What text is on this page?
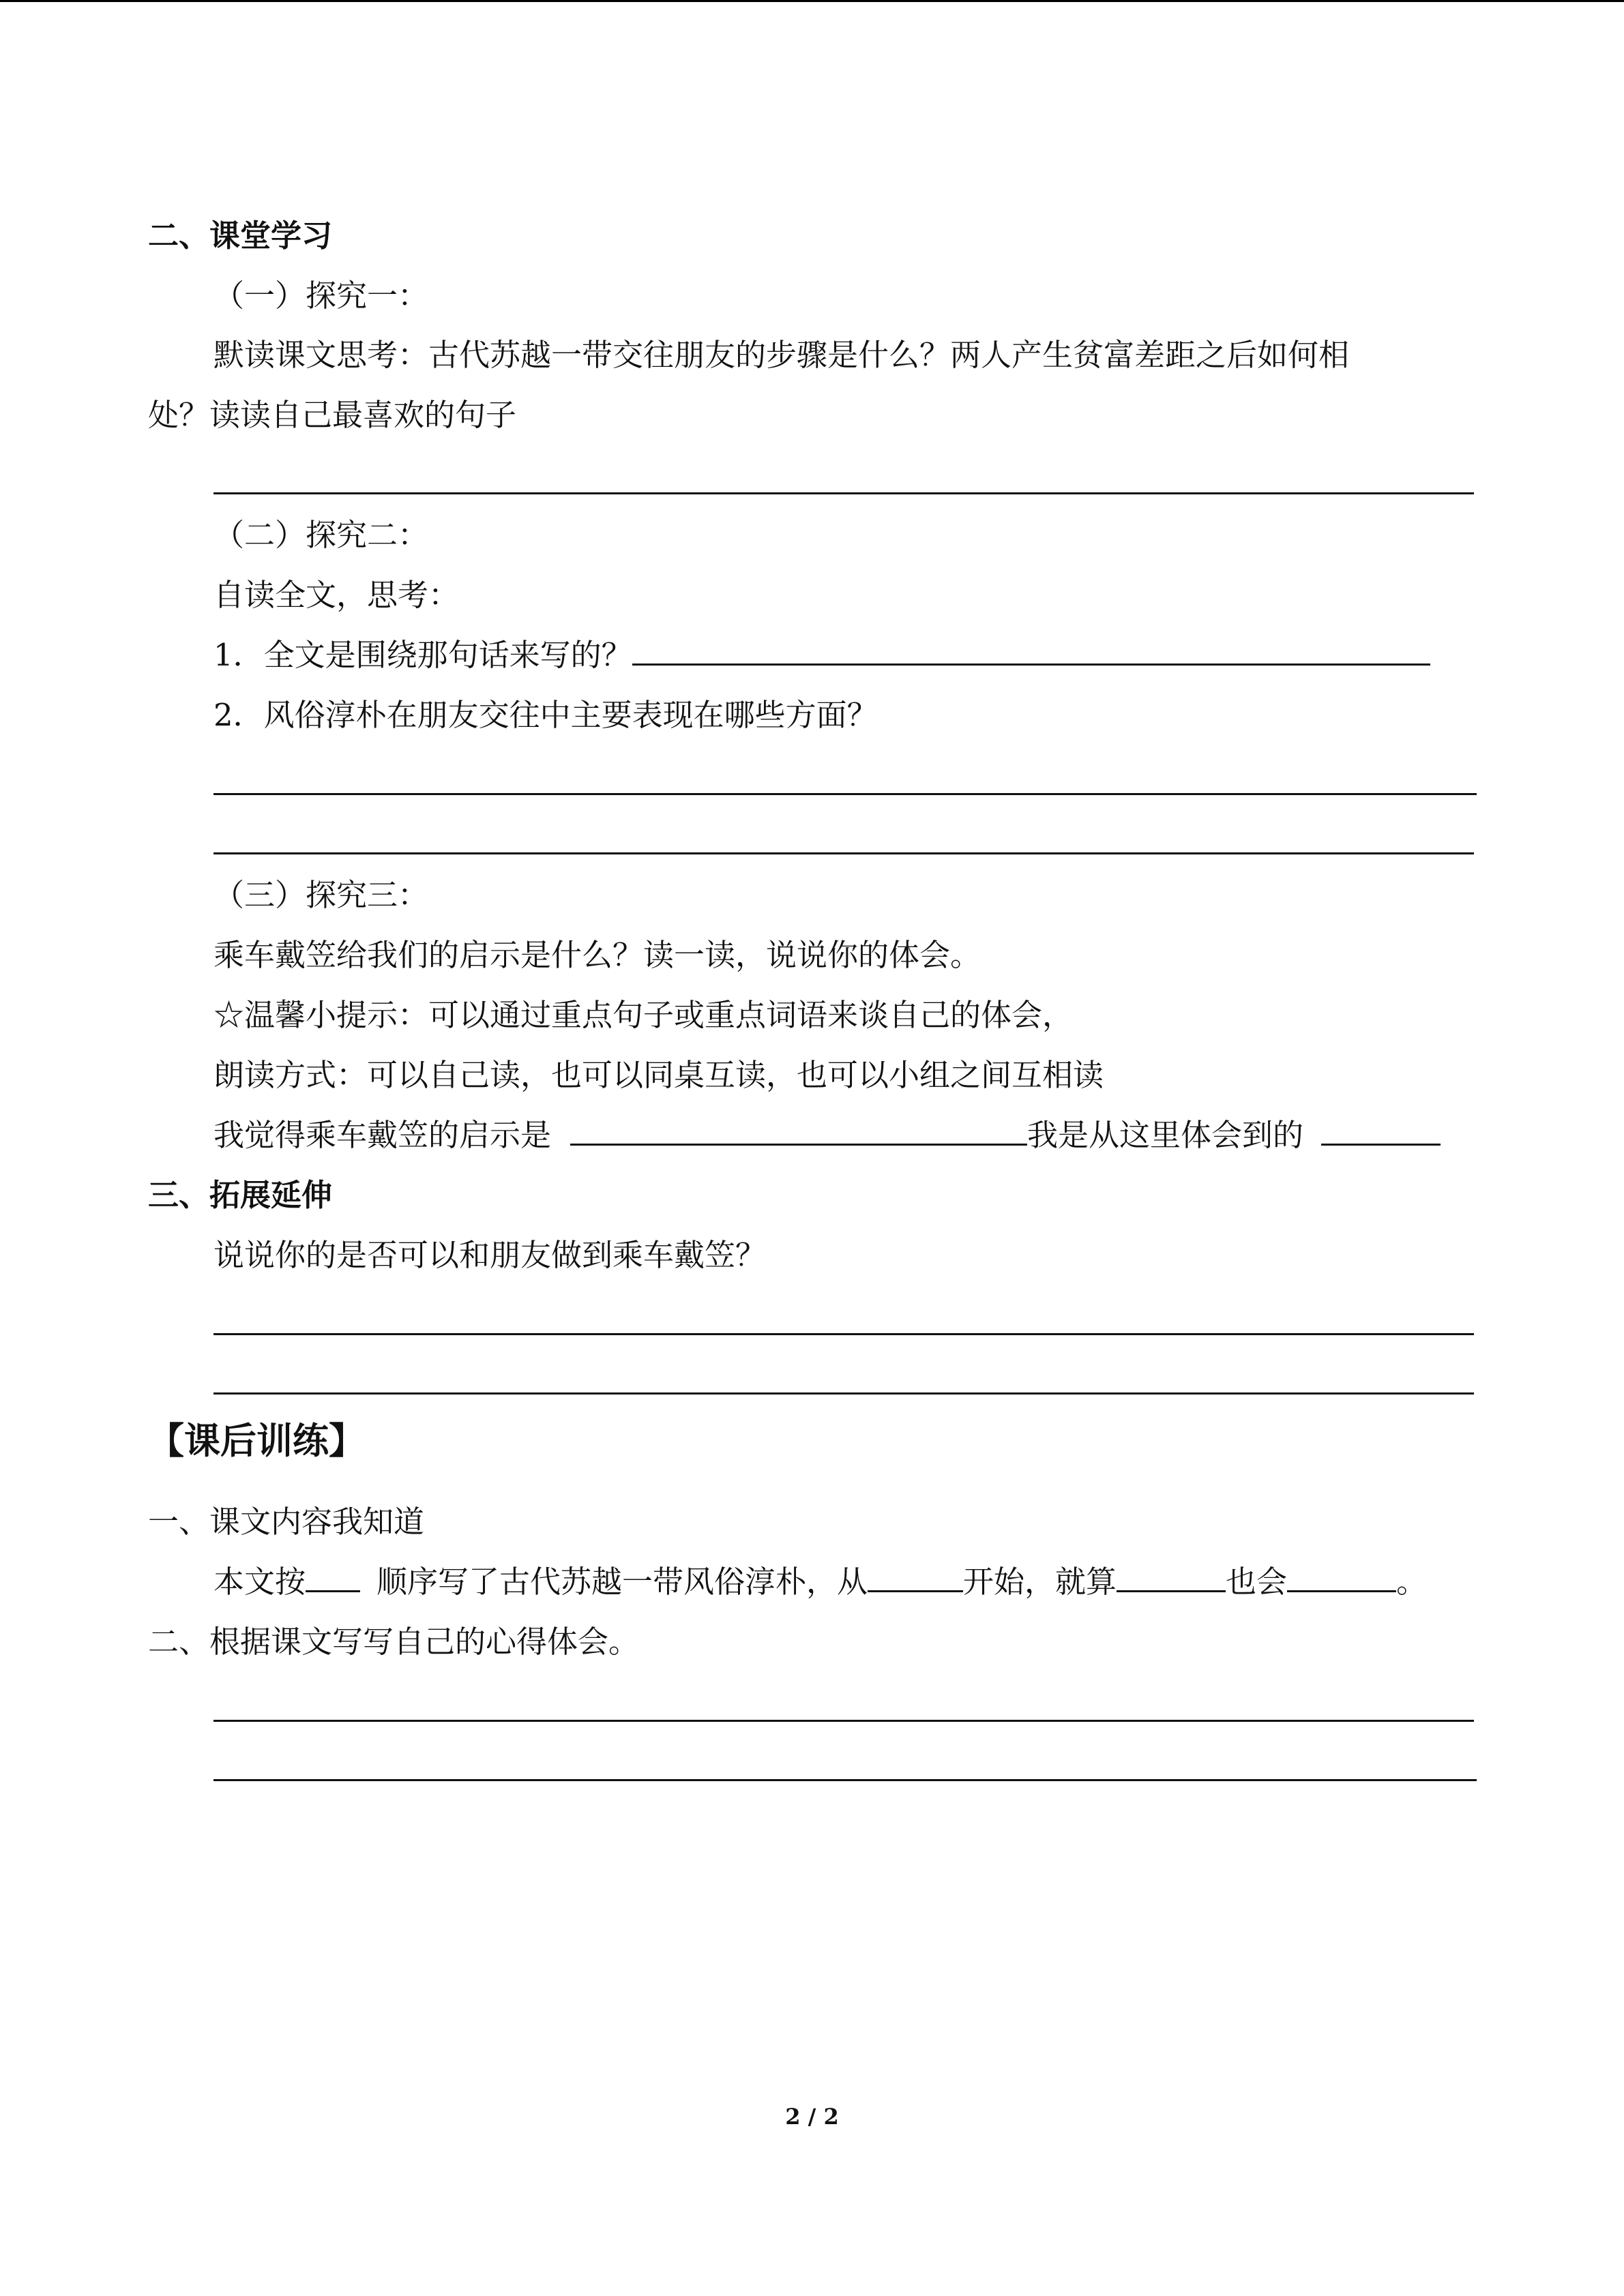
二、课堂学习
（一）探究一：
默读课文思考：古代苏越一带交往朋友的步骤是什么？两人产生贫富差距之后如何相
处？读读自己最喜欢的句子
（二）探究二：
自读全文，思考：
1．全文是围绕那句话来写的？
2．风俗淳朴在朋友交往中主要表现在哪些方面？
（三）探究三：
乘车戴笠给我们的启示是什么？读一读，说说你的体会。
☆温馨小提示：可以通过重点句子或重点词语来谈自己的体会，
朗读方式：可以自己读，也可以同桌互读，也可以小组之间互相读
我觉得乘车戴笠的启示是	我是从这里体会到的
三、拓展延伸
说说你的是否可以和朋友做到乘车戴笠？
【课后训练】
一、课文内容我知道
本文按 顺序写了古代苏越一带风俗淳朴，从	开始，就算	也会	。
二、根据课文写写自己的心得体会。
2 / 2
